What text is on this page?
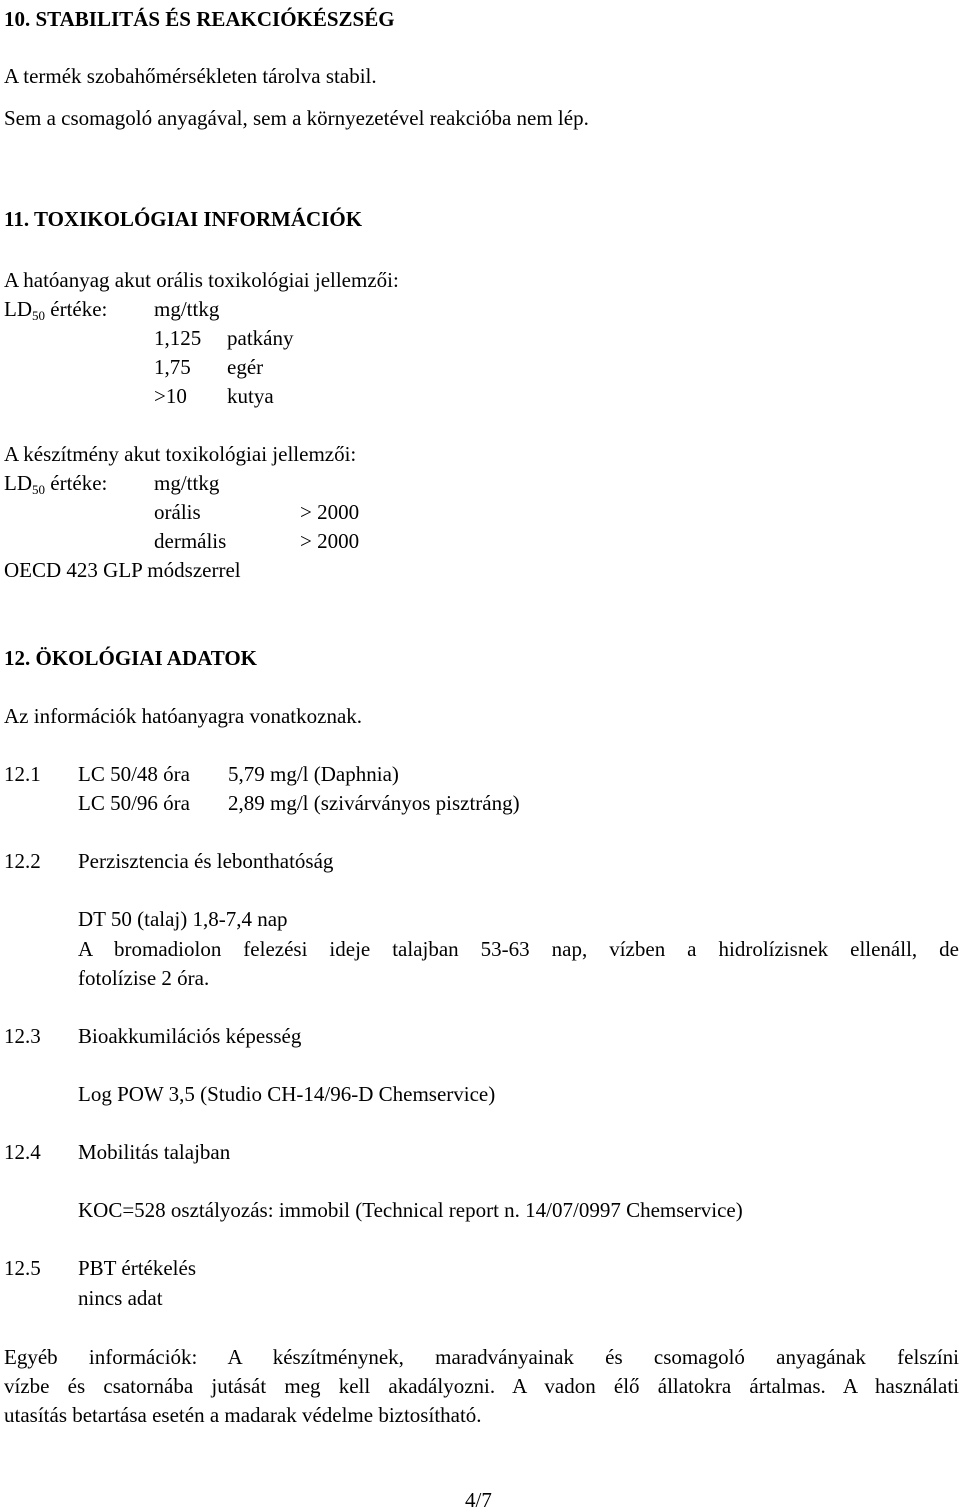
10. STABILITÁS ÉS REAKCIÓKÉSZSÉG
A termék szobahőmérsékleten tárolva stabil.
Sem a csomagoló anyagával, sem a környezetével reakcióba nem lép.
11. TOXIKOLÓGIAI INFORMÁCIÓK
A hatóanyag akut orális toxikológiai jellemzői:
$LD_{50}$ értéke: mg/ttkg
1,125 patkány
1,75 egér
>10 kutya
A készítmény akut toxikológiai jellemzői:
$LD_{50}$ értéke: mg/ttkg
orális	> 2000
dermális	> 2000
OECD 423 GLP módszerrel
12. ÖKOLÓGIAI ADATOK
Az információk hatóanyagra vonatkoznak.
12.1 LC 50/48 óra 5,79 mg/l (Daphnia)
LC 50/96 óra 2,89 mg/l (szivárványos pisztráng)
12.2 Perzisztencia és lebonthatóság
DT 50 (talaj) 1,8-7,4 nap
A bromadiolon felezési ideje talajban 53-63 nap, vízben a hidrolízisnek ellenáll, de
fotolízise 2 óra.
12.3 Bioakkumilációs képesség
Log POW 3,5 (Studio CH-14/96-D Chemservice)
12.4 Mobilitás talajban
KOC=528 osztályozás: immobil (Technical report n. 14/07/0997 Chemservice)
12.5 PBT értékelés
nincs adat
Egyéb információk: A készítménynek, maradványainak és csomagoló anyagának felszíni
vízbe és csatornába jutását meg kell akadályozni. A vadon élő állatokra ártalmas. A használati
utasítás betartása esetén a madarak védelme biztosítható.
4/7
